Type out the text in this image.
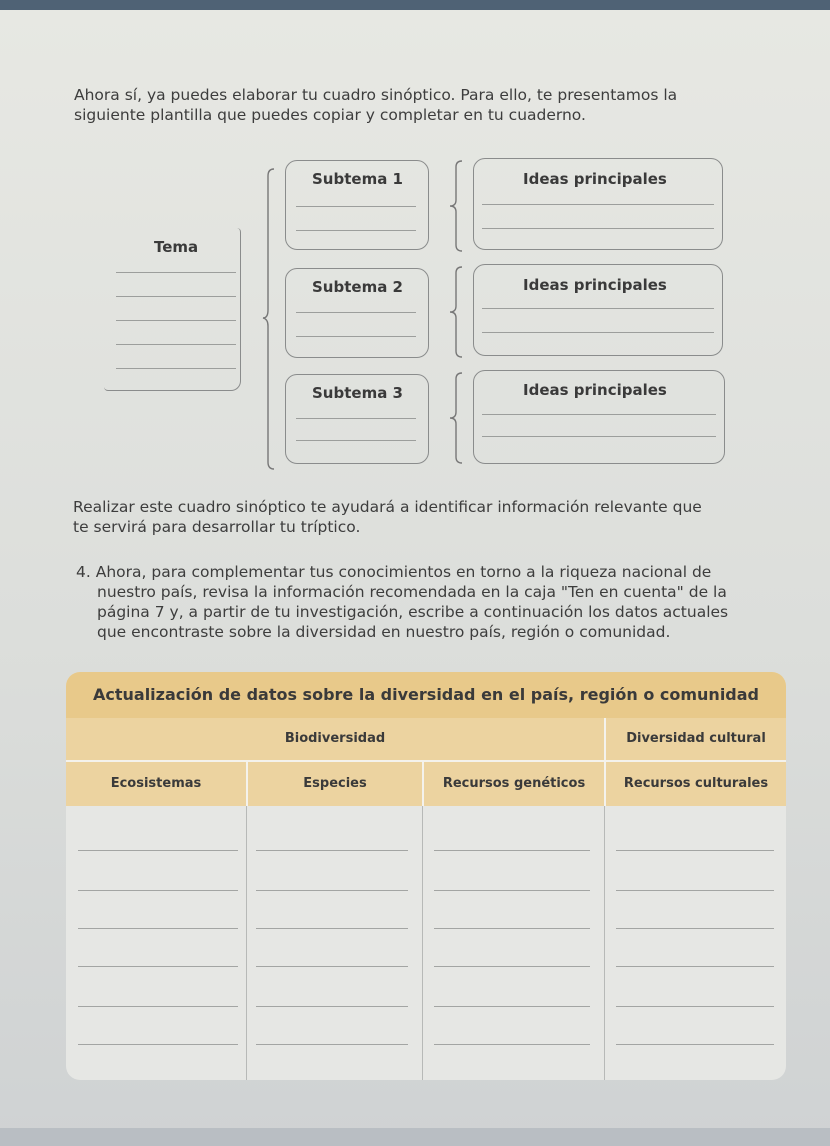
Ahora sí, ya puedes elaborar tu cuadro sinóptico. Para ello, te presentamos la

siguiente plantilla que puedes copiar y completar en tu cuaderno.

Tema
Subtema 1	Ideas principales
Subtema 2	Ideas principales
Subtema 3	Ideas principales

Realizar este cuadro sinóptico te ayudará a identificar información relevante que

te servirá para desarrollar tu tríptico.

4. Ahora, para complementar tus conocimientos en torno a la riqueza nacional de

nuestro país, revisa la información recomendada en la caja "Ten en cuenta" de la

página 7 y, a partir de tu investigación, escribe a continuación los datos actuales

que encontraste sobre la diversidad en nuestro país, región o comunidad.

Actualización de datos sobre la diversidad en el país, región o comunidad
Biodiversidad	Diversidad cultural
Ecosistemas	Especies	Recursos genéticos	Recursos culturales
